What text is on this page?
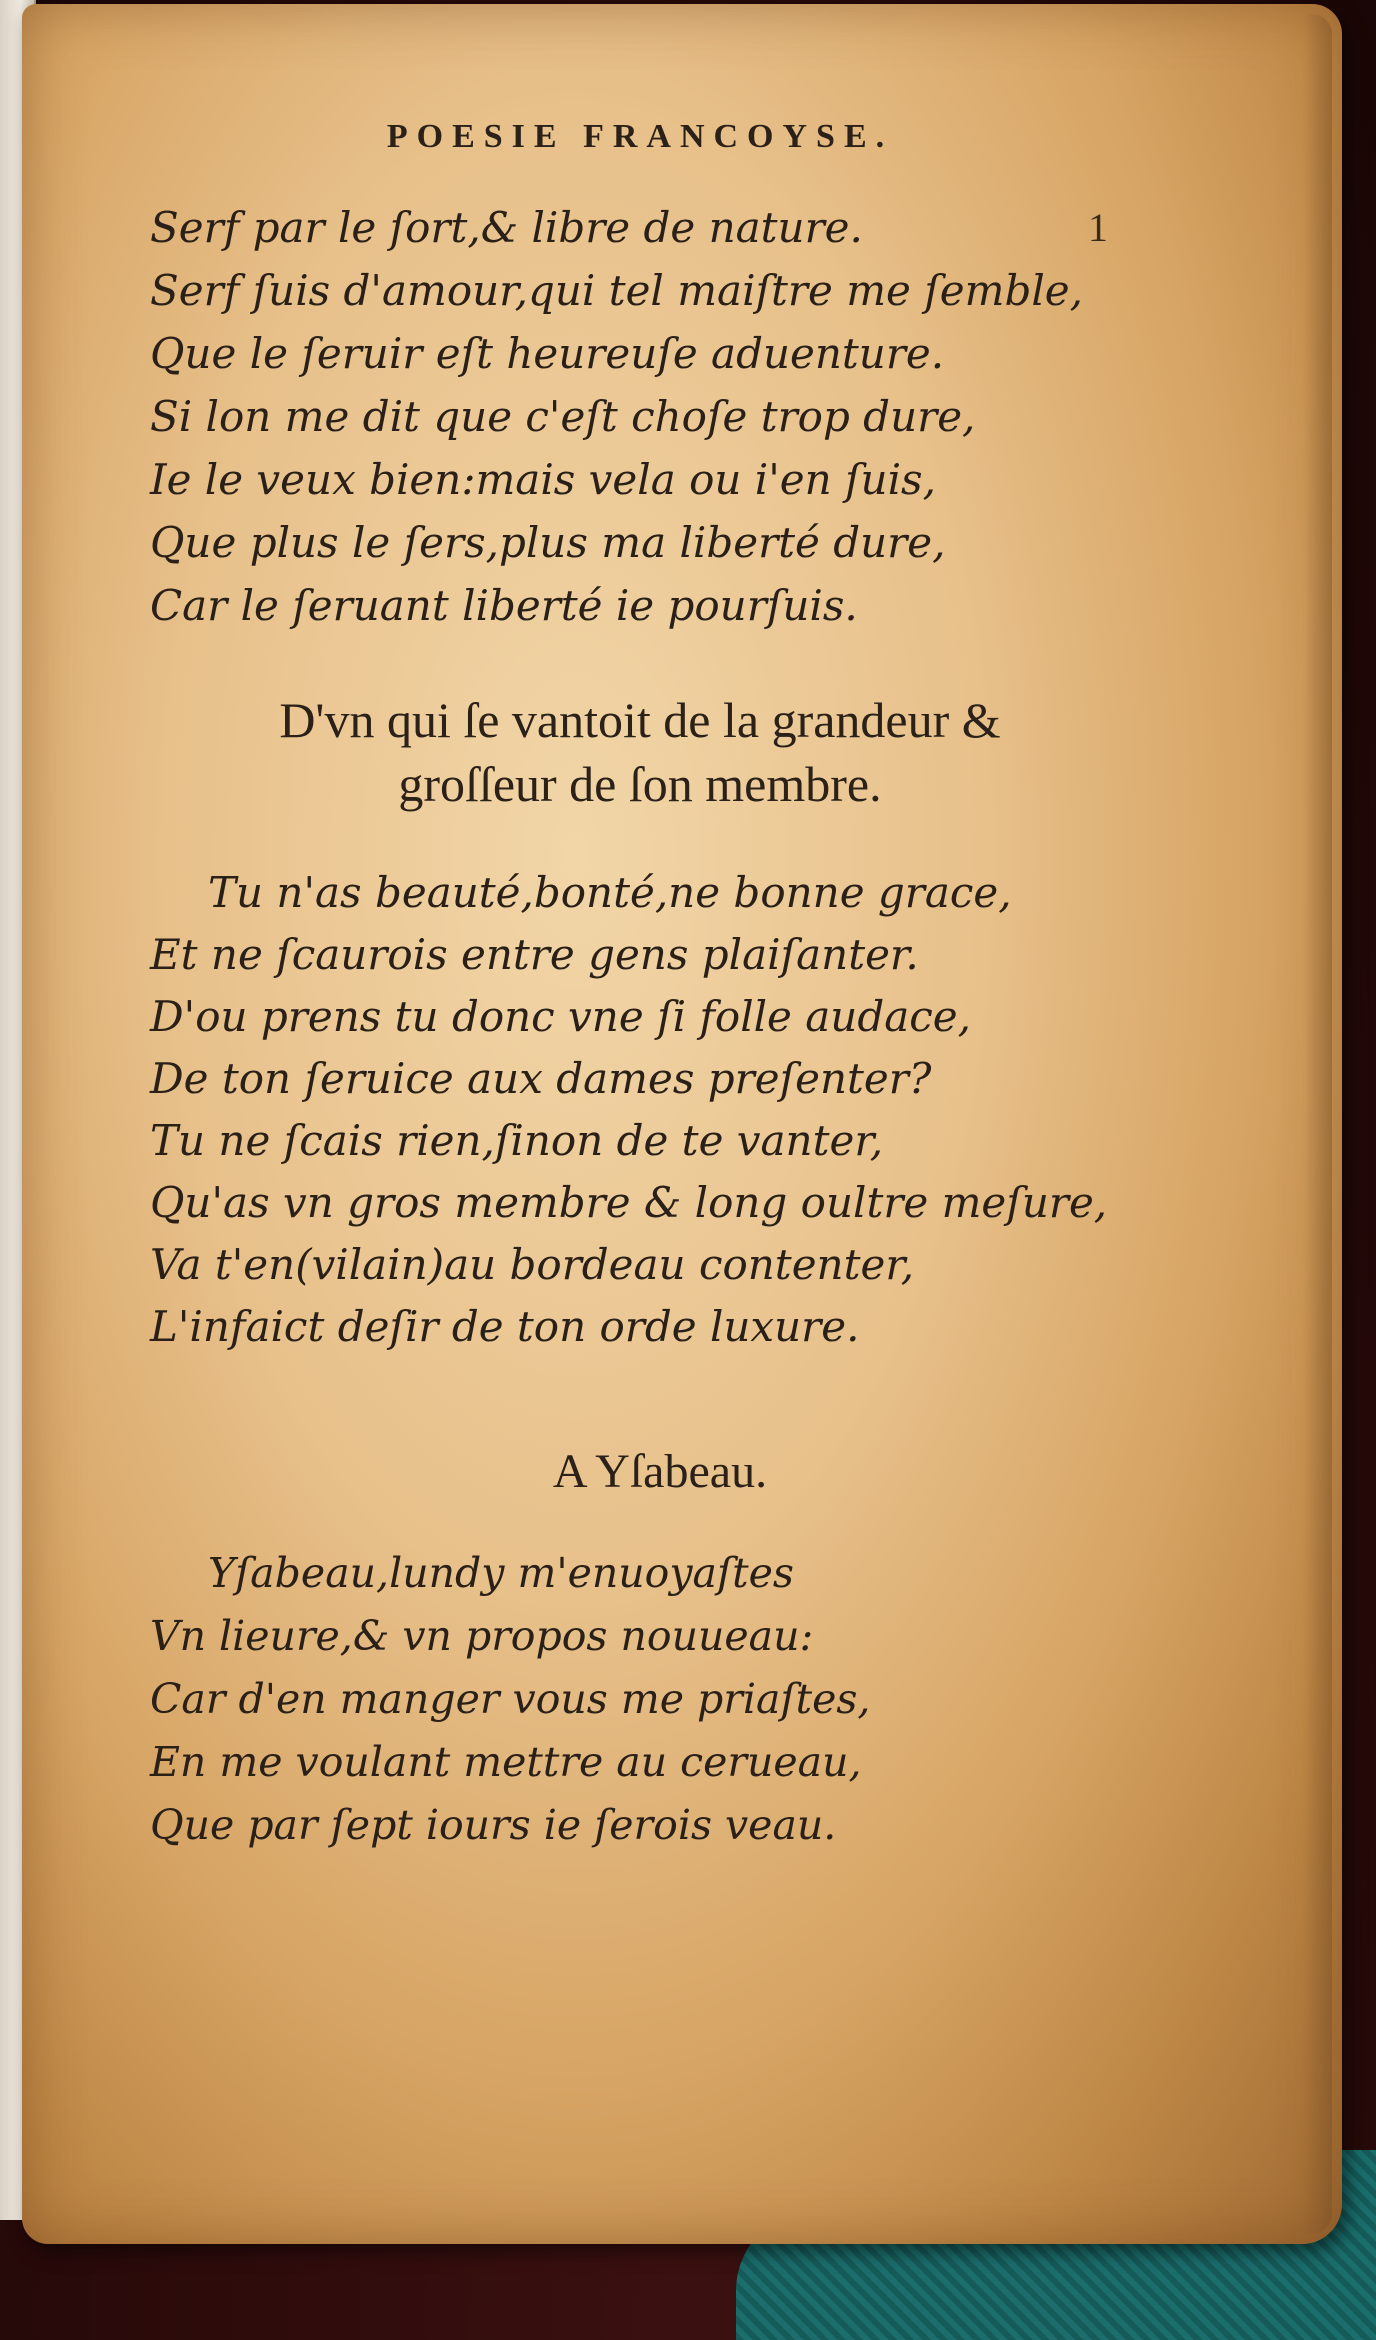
POESIE FRANCOYSE.
1
Serf par le ſort,& libre de nature.
Serf ſuis d'amour,qui tel maiſtre me ſemble,
Que le ſeruir eſt heureuſe aduenture.
Si lon me dit que c'eſt choſe trop dure,
Ie le veux bien:mais vela ou i'en ſuis,
Que plus le ſers,plus ma liberté dure,
Car le ſeruant liberté ie pourſuis.
D'vn qui ſe vantoit de la grandeur &
groſſeur de ſon membre.
Tu n'as beauté,bonté,ne bonne grace,
Et ne ſcaurois entre gens plaiſanter.
D'ou prens tu donc vne ſi folle audace,
De ton ſeruice aux dames preſenter?
Tu ne ſcais rien,ſinon de te vanter,
Qu'as vn gros membre & long oultre meſure,
Va t'en(vilain)au bordeau contenter,
L'infaict deſir de ton orde luxure.
A Yſabeau.
Yſabeau,lundy m'enuoyaſtes
Vn lieure,& vn propos nouueau:
Car d'en manger vous me priaſtes,
En me voulant mettre au cerueau,
Que par ſept iours ie ſerois veau.
